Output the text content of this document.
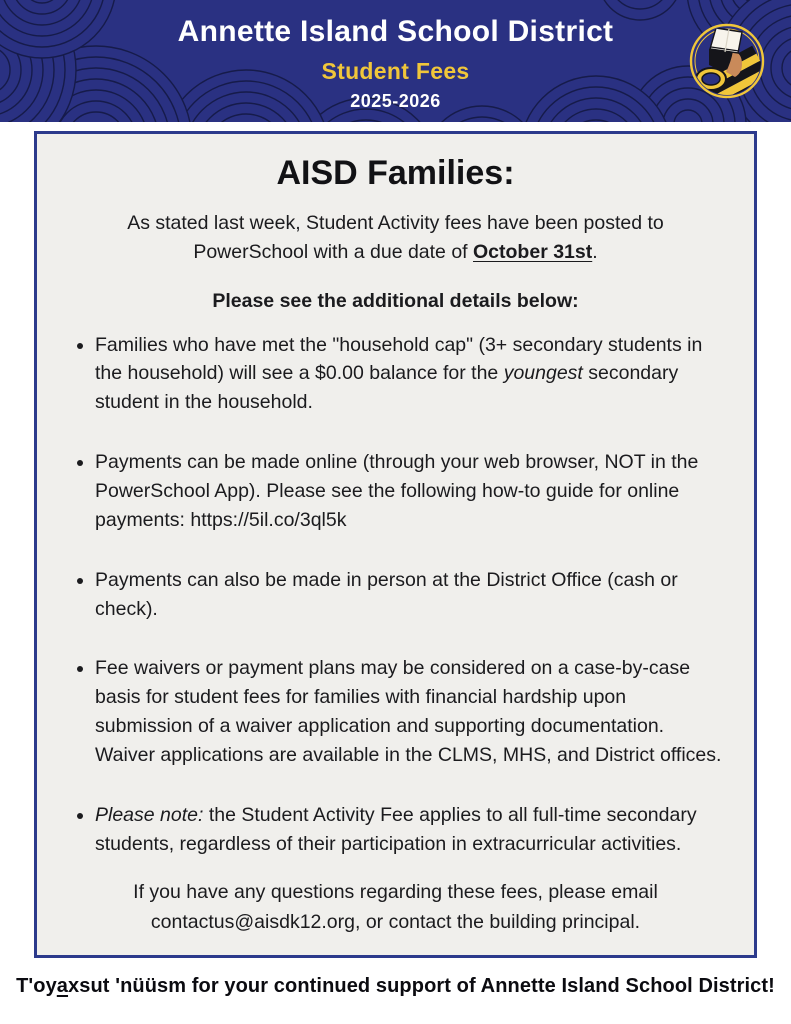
Annette Island School District
Student Fees
2025-2026
AISD Families:

As stated last week, Student Activity fees have been posted to PowerSchool with a due date of October 31st.

Please see the additional details below:

• Families who have met the "household cap" (3+ secondary students in the household) will see a $0.00 balance for the youngest secondary student in the household.
• Payments can be made online (through your web browser, NOT in the PowerSchool App). Please see the following how-to guide for online payments: https://5il.co/3ql5k
• Payments can also be made in person at the District Office (cash or check).
• Fee waivers or payment plans may be considered on a case-by-case basis for student fees for families with financial hardship upon submission of a waiver application and supporting documentation. Waiver applications are available in the CLMS, MHS, and District offices.
• Please note: the Student Activity Fee applies to all full-time secondary students, regardless of their participation in extracurricular activities.

If you have any questions regarding these fees, please email contactus@aisdk12.org, or contact the building principal.

T'oyaxsut 'nüüsm for your continued support of Annette Island School District!
